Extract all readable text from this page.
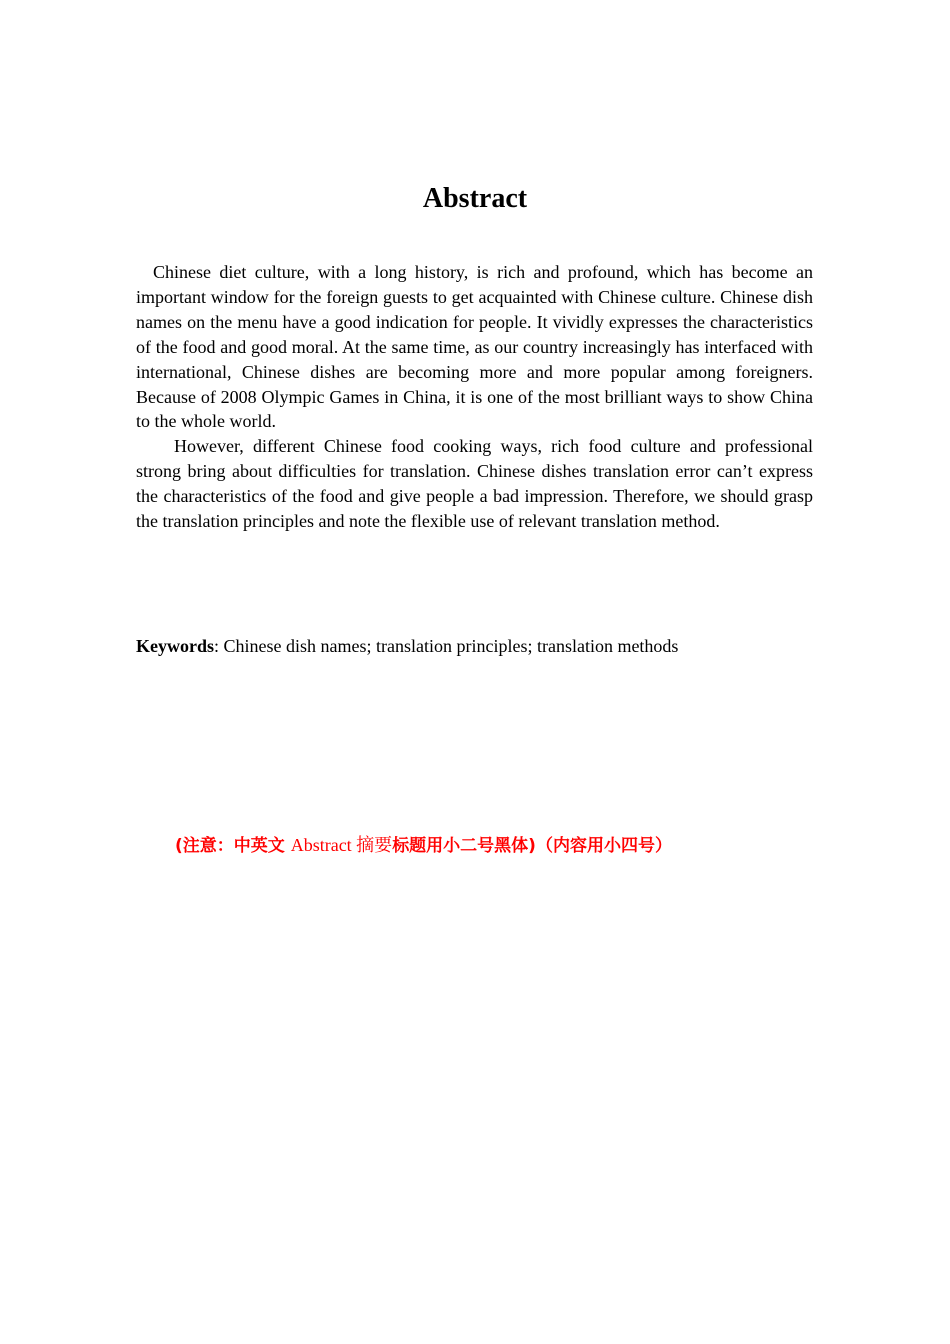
Abstract

Chinese diet culture, with a long history, is rich and profound, which has become an important window for the foreign guests to get acquainted with Chinese culture. Chinese dish names on the menu have a good indication for people. It vividly expresses the characteristics of the food and good moral. At the same time, as our country increasingly has interfaced with international, Chinese dishes are becoming more and more popular among foreigners. Because of 2008 Olympic Games in China, it is one of the most brilliant ways to show China to the whole world.

However, different Chinese food cooking ways, rich food culture and professional strong bring about difficulties for translation. Chinese dishes translation error can’t express the characteristics of the food and give people a bad impression. Therefore, we should grasp the translation principles and note the flexible use of relevant translation method.

Keywords: Chinese dish names; translation principles; translation methods

(注意：中英文 Abstract 摘要标题用小二号黑体)（内容用小四号）
